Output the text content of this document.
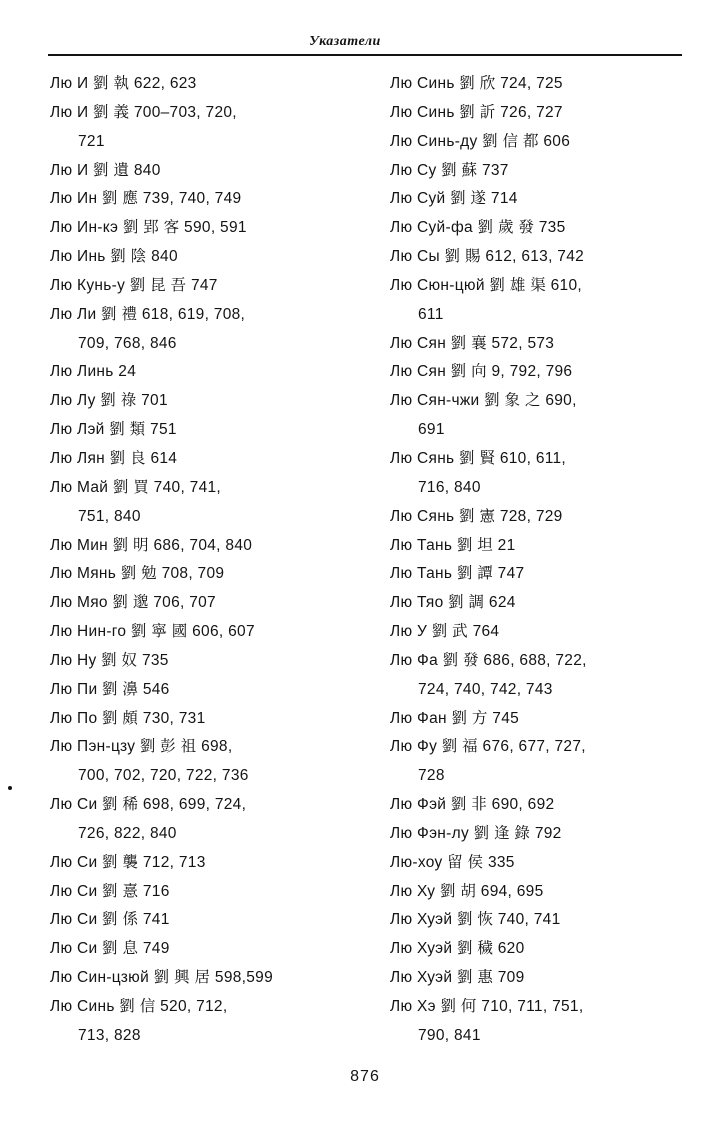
Указатели
Лю И 劉 執 622, 623
Лю И 劉 義 700–703, 720,
721
Лю И 劉 遺 840
Лю Ин 劉 應 739, 740, 749
Лю Ин-кэ 劉 郢 客 590, 591
Лю Инь 劉 陰 840
Лю Кунь-у 劉 昆 吾 747
Лю Ли 劉 禮 618, 619, 708,
709, 768, 846
Лю Линь 24
Лю Лу 劉 祿 701
Лю Лэй 劉 類 751
Лю Лян 劉 良 614
Лю Май 劉 買 740, 741,
751, 840
Лю Мин 劉 明 686, 704, 840
Лю Мянь 劉 勉 708, 709
Лю Мяо 劉 邈 706, 707
Лю Нин-го 劉 寧 國 606, 607
Лю Ну 劉 奴 735
Лю Пи 劉 濞 546
Лю По 劉 頗 730, 731
Лю Пэн-цзу 劉 彭 祖 698,
700, 702, 720, 722, 736
Лю Си 劉 稀 698, 699, 724,
726, 822, 840
Лю Си 劉 襲 712, 713
Лю Си 劉 憙 716
Лю Си 劉 係 741
Лю Си 劉 息 749
Лю Син-цзюй 劉 興 居 598,599
Лю Синь 劉 信 520, 712,
713, 828
Лю Синь 劉 欣 724, 725
Лю Синь 劉 訢 726, 727
Лю Синь-ду 劉 信 都 606
Лю Су 劉 蘇 737
Лю Суй 劉 遂 714
Лю Суй-фа 劉 歲 發 735
Лю Сы 劉 賜 612, 613, 742
Лю Сюн-цюй 劉 雄 渠 610,
611
Лю Сян 劉 襄 572, 573
Лю Сян 劉 向 9, 792, 796
Лю Сян-чжи 劉 象 之 690,
691
Лю Сянь 劉 賢 610, 611,
716, 840
Лю Сянь 劉 憲 728, 729
Лю Тань 劉 坦 21
Лю Тань 劉 譚 747
Лю Тяо 劉 調 624
Лю У 劉 武 764
Лю Фа 劉 發 686, 688, 722,
724, 740, 742, 743
Лю Фан 劉 方 745
Лю Фу 劉 福 676, 677, 727,
728
Лю Фэй 劉 非 690, 692
Лю Фэн-лу 劉 逢 錄 792
Лю-хоу 留 侯 335
Лю Ху 劉 胡 694, 695
Лю Хуэй 劉 恢 740, 741
Лю Хуэй 劉 穢 620
Лю Хуэй 劉 惠 709
Лю Хэ 劉 何 710, 711, 751,
790, 841
876
